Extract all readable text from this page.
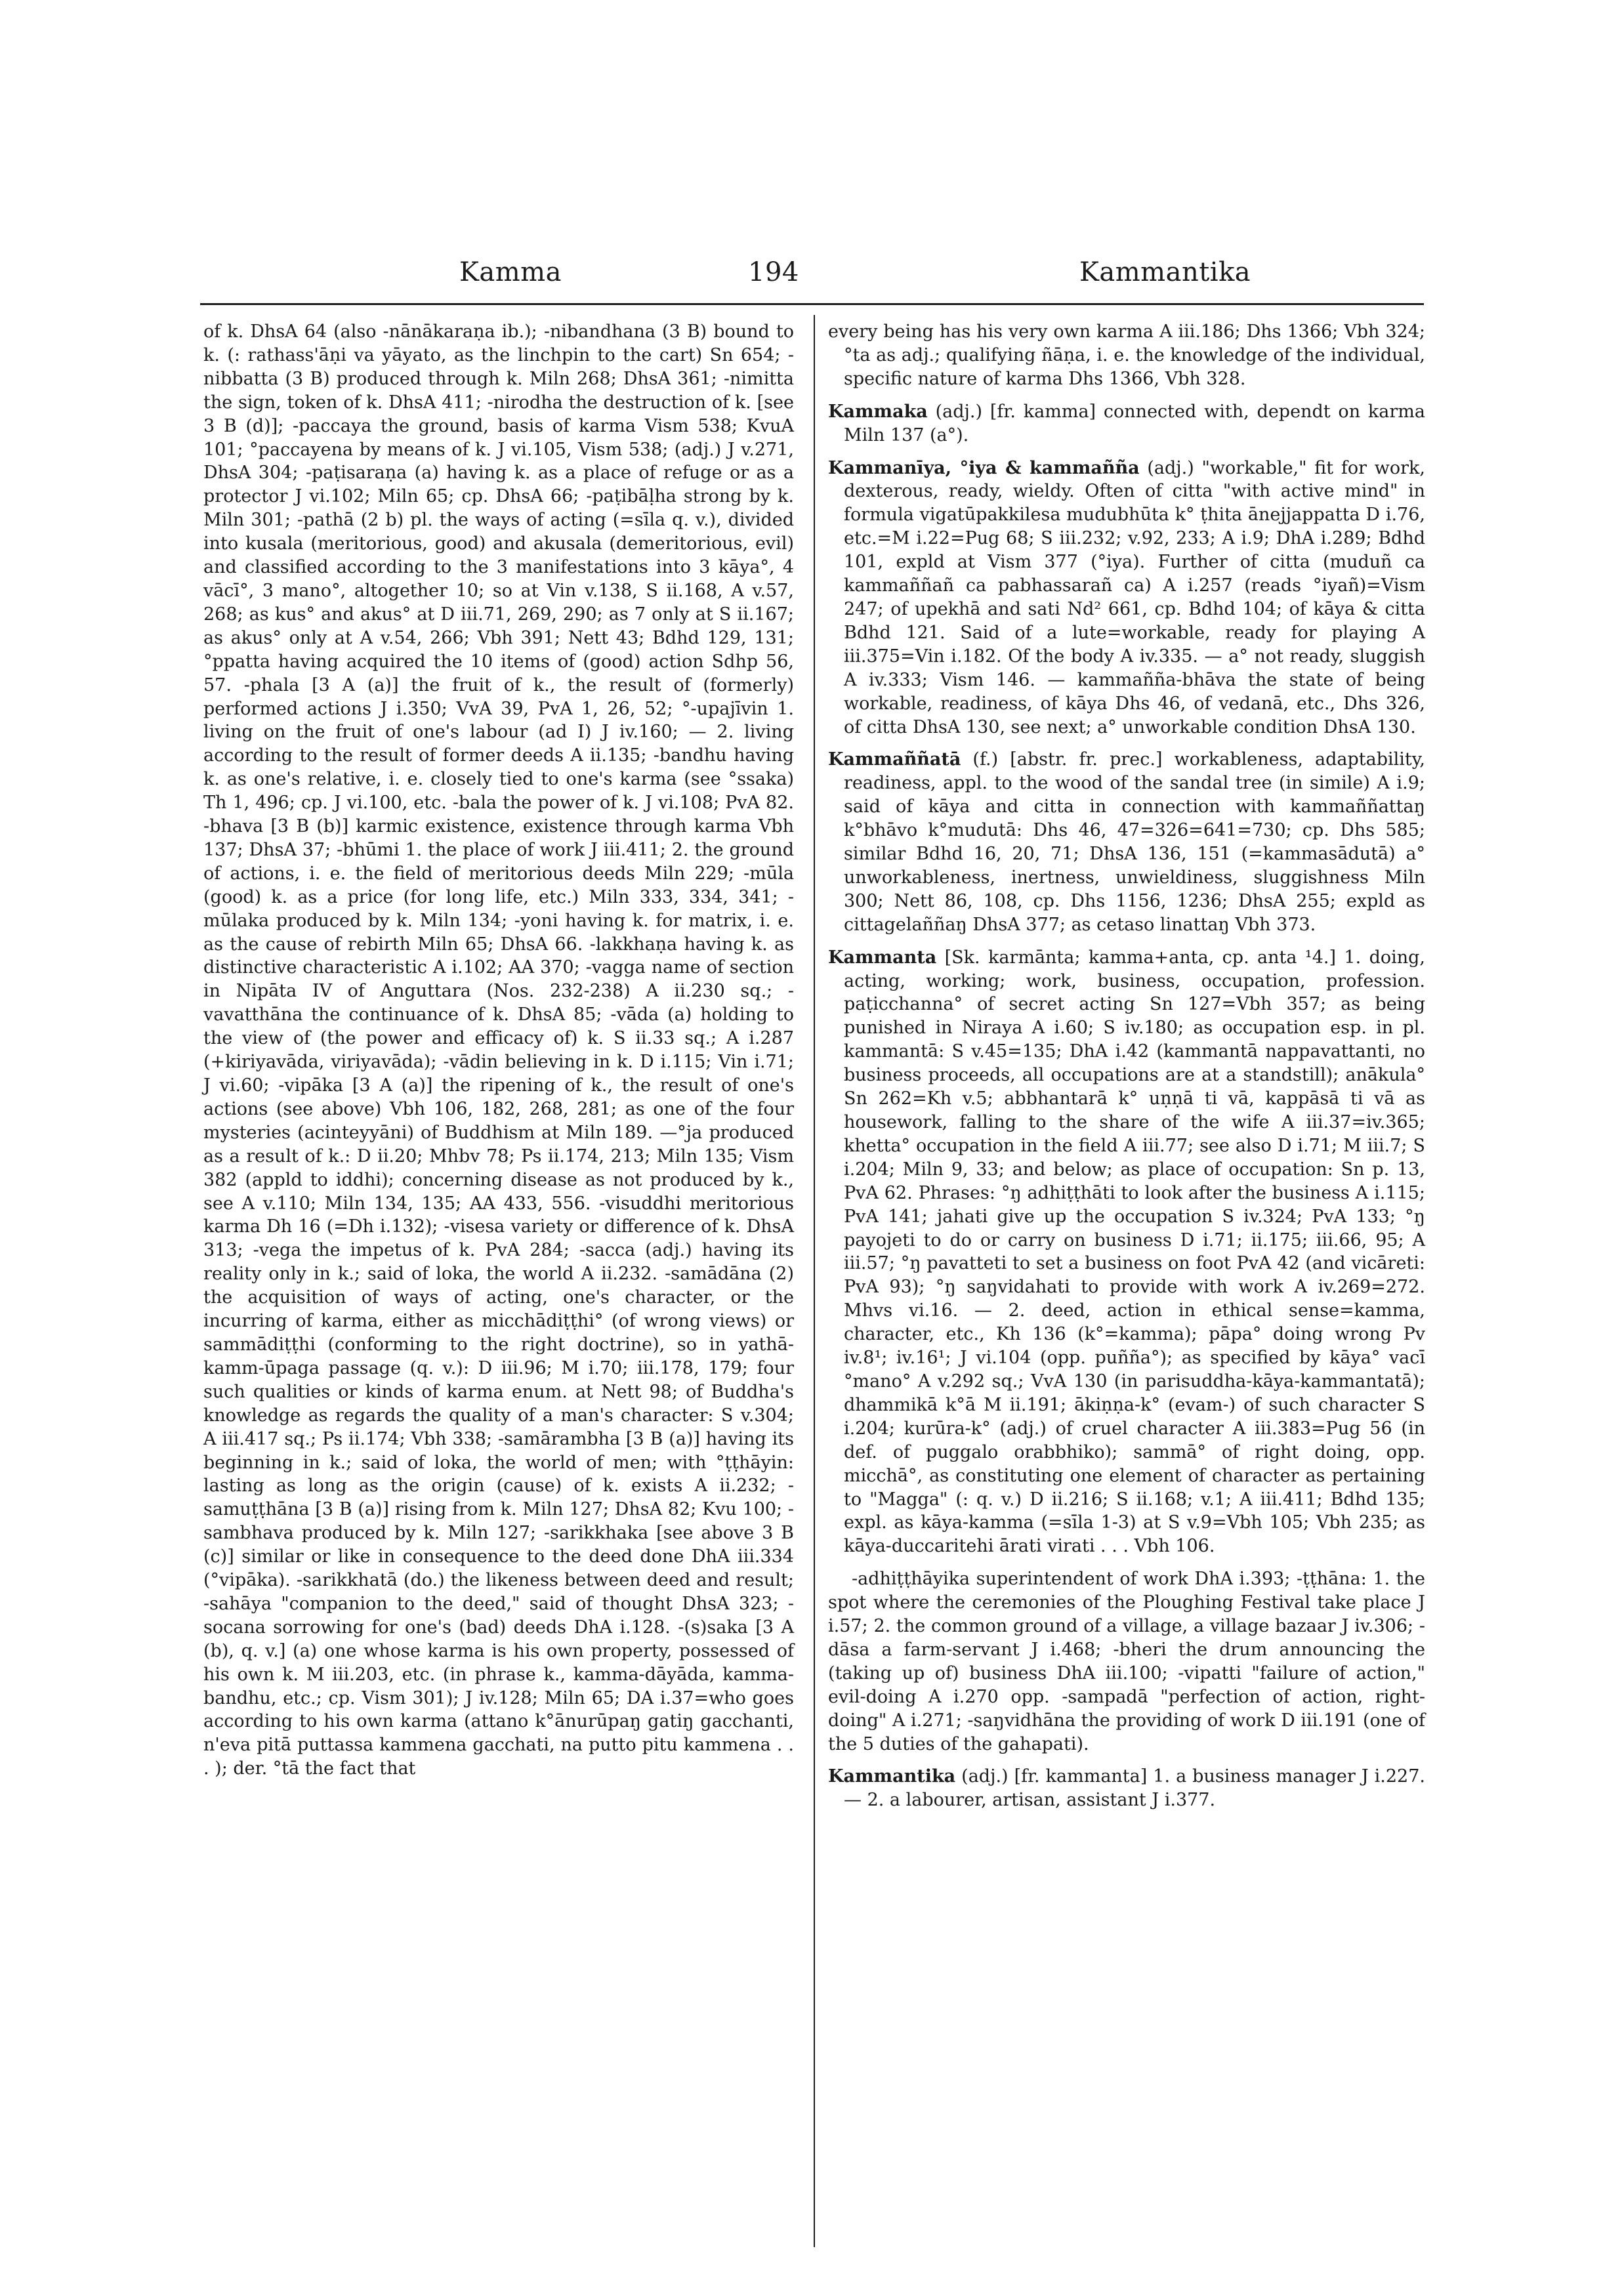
Kamma	194	Kammantika

of k. DhsA 64 (also -nānākaraṇa ib.); -nibandhana (3 B) bound to k. (: rathass'āṇi va yāyato, as the linchpin to the cart) Sn 654; -nibbatta (3 B) produced through k. Miln 268; DhsA 361; -nimitta the sign, token of k. DhsA 411; -nirodha the destruction of k. [see 3 B (d)]; -paccaya the ground, basis of karma Vism 538; KvuA 101; °paccayena by means of k. J vi.105, Vism 538; (adj.) J v.271, DhsA 304; -paṭisaraṇa (a) having k. as a place of refuge or as a protector J vi.102; Miln 65; cp. DhsA 66; -paṭibāḷha strong by k. Miln 301; -pathā (2 b) pl. the ways of acting (=sīla q. v.), divided into kusala (meritorious, good) and akusala (demeritorious, evil) and classified according to the 3 manifestations into 3 kāya°, 4 vācī°, 3 mano°, altogether 10; so at Vin v.138, S ii.168, A v.57, 268; as kus° and akus° at D iii.71, 269, 290; as 7 only at S ii.167; as akus° only at A v.54, 266; Vbh 391; Nett 43; Bdhd 129, 131; °ppatta having acquired the 10 items of (good) action Sdhp 56, 57. -phala [3 A (a)] the fruit of k., the result of (formerly) performed actions J i.350; VvA 39, PvA 1, 26, 52; °-upajīvin 1. living on the fruit of one's labour (ad I) J iv.160; — 2. living according to the result of former deeds A ii.135; -bandhu having k. as one's relative, i. e. closely tied to one's karma (see °ssaka) Th 1, 496; cp. J vi.100, etc. -bala the power of k. J vi.108; PvA 82. -bhava [3 B (b)] karmic existence, existence through karma Vbh 137; DhsA 37; -bhūmi 1. the place of work J iii.411; 2. the ground of actions, i. e. the field of meritorious deeds Miln 229; -mūla (good) k. as a price (for long life, etc.) Miln 333, 334, 341; -mūlaka produced by k. Miln 134; -yoni having k. for matrix, i. e. as the cause of rebirth Miln 65; DhsA 66. -lakkhaṇa having k. as distinctive characteristic A i.102; AA 370; -vagga name of section in Nipāta IV of Anguttara (Nos. 232-238) A ii.230 sq.; -vavatthāna the continuance of k. DhsA 85; -vāda (a) holding to the view of (the power and efficacy of) k. S ii.33 sq.; A i.287 (+kiriyavāda, viriyavāda); -vādin believing in k. D i.115; Vin i.71; J vi.60; -vipāka [3 A (a)] the ripening of k., the result of one's actions (see above) Vbh 106, 182, 268, 281; as one of the four mysteries (acinteyyāni) of Buddhism at Miln 189. —°ja produced as a result of k.: D ii.20; Mhbv 78; Ps ii.174, 213; Miln 135; Vism 382 (appld to iddhi); concerning disease as not produced by k., see A v.110; Miln 134, 135; AA 433, 556. -visuddhi meritorious karma Dh 16 (=Dh i.132); -visesa variety or difference of k. DhsA 313; -vega the impetus of k. PvA 284; -sacca (adj.) having its reality only in k.; said of loka, the world A ii.232. -samādāna (2) the acquisition of ways of acting, one's character, or the incurring of karma, either as micchādiṭṭhi° (of wrong views) or sammādiṭṭhi (conforming to the right doctrine), so in yathā-kamm-ūpaga passage (q. v.): D iii.96; M i.70; iii.178, 179; four such qualities or kinds of karma enum. at Nett 98; of Buddha's knowledge as regards the quality of a man's character: S v.304; A iii.417 sq.; Ps ii.174; Vbh 338; -samārambha [3 B (a)] having its beginning in k.; said of loka, the world of men; with °ṭṭhāyin: lasting as long as the origin (cause) of k. exists A ii.232; -samuṭṭhāna [3 B (a)] rising from k. Miln 127; DhsA 82; Kvu 100; -sambhava produced by k. Miln 127; -sarikkhaka [see above 3 B (c)] similar or like in consequence to the deed done DhA iii.334 (°vipāka). -sarikkhatā (do.) the likeness between deed and result; -sahāya "companion to the deed," said of thought DhsA 323; -socana sorrowing for one's (bad) deeds DhA i.128. -(s)saka [3 A (b), q. v.] (a) one whose karma is his own property, possessed of his own k. M iii.203, etc. (in phrase k., kamma-dāyāda, kamma-bandhu, etc.; cp. Vism 301); J iv.128; Miln 65; DA i.37=who goes according to his own karma (attano k°ānurūpaŋ gatiŋ gacchanti, n'eva pitā puttassa kammena gacchati, na putto pitu kammena . . . ); der. °tā the fact that

every being has his very own karma A iii.186; Dhs 1366; Vbh 324; °ta as adj.; qualifying ñāṇa, i. e. the knowledge of the individual, specific nature of karma Dhs 1366, Vbh 328.

Kammaka (adj.) [fr. kamma] connected with, dependt on karma Miln 137 (a°).

Kammanīya, °iya & kammañña (adj.) "workable," fit for work, dexterous, ready, wieldy. Often of citta "with active mind" in formula vigatūpakkilesa mudubhūta k° ṭhita ānejjappatta D i.76, etc.=M i.22=Pug 68; S iii.232; v.92, 233; A i.9; DhA i.289; Bdhd 101, expld at Vism 377 (°iya). Further of citta (muduñ ca kammaññañ ca pabhassarañ ca) A i.257 (reads °iyañ)=Vism 247; of upekhā and sati Nd² 661, cp. Bdhd 104; of kāya & citta Bdhd 121. Said of a lute=workable, ready for playing A iii.375=Vin i.182. Of the body A iv.335. — a° not ready, sluggish A iv.333; Vism 146. — kammañña-bhāva the state of being workable, readiness, of kāya Dhs 46, of vedanā, etc., Dhs 326, of citta DhsA 130, see next; a° unworkable condition DhsA 130.

Kammaññatā (f.) [abstr. fr. prec.] workableness, adaptability, readiness, appl. to the wood of the sandal tree (in simile) A i.9; said of kāya and citta in connection with kammaññattaŋ k°bhāvo k°mudutā: Dhs 46, 47=326=641=730; cp. Dhs 585; similar Bdhd 16, 20, 71; DhsA 136, 151 (=kammasādutā) a° unworkableness, inertness, unwieldiness, sluggishness Miln 300; Nett 86, 108, cp. Dhs 1156, 1236; DhsA 255; expld as cittagelaññaŋ DhsA 377; as cetaso linattaŋ Vbh 373.

Kammanta [Sk. karmānta; kamma+anta, cp. anta ¹4.] 1. doing, acting, working; work, business, occupation, profession. paṭicchanna° of secret acting Sn 127=Vbh 357; as being punished in Niraya A i.60; S iv.180; as occupation esp. in pl. kammantā: S v.45=135; DhA i.42 (kammantā nappavattanti, no business proceeds, all occupations are at a standstill); anākula° Sn 262=Kh v.5; abbhantarā k° uṇṇā ti vā, kappāsā ti vā as housework, falling to the share of the wife A iii.37=iv.365; khetta° occupation in the field A iii.77; see also D i.71; M iii.7; S i.204; Miln 9, 33; and below; as place of occupation: Sn p. 13, PvA 62. Phrases: °ŋ adhiṭṭhāti to look after the business A i.115; PvA 141; jahati give up the occupation S iv.324; PvA 133; °ŋ payojeti to do or carry on business D i.71; ii.175; iii.66, 95; A iii.57; °ŋ pavatteti to set a business on foot PvA 42 (and vicāreti: PvA 93); °ŋ saŋvidahati to provide with work A iv.269=272. Mhvs vi.16. — 2. deed, action in ethical sense=kamma, character, etc., Kh 136 (k°=kamma); pāpa° doing wrong Pv iv.8¹; iv.16¹; J vi.104 (opp. puñña°); as specified by kāya° vacī °mano° A v.292 sq.; VvA 130 (in parisuddha-kāya-kammantatā); dhammikā k°ā M ii.191; ākiṇṇa-k° (evam-) of such character S i.204; kurūra-k° (adj.) of cruel character A iii.383=Pug 56 (in def. of puggalo orabbhiko); sammā° of right doing, opp. micchā°, as constituting one element of character as pertaining to "Magga" (: q. v.) D ii.216; S ii.168; v.1; A iii.411; Bdhd 135; expl. as kāya-kamma (=sīla 1-3) at S v.9=Vbh 105; Vbh 235; as kāya-duccaritehi ārati virati . . . Vbh 106.

-adhiṭṭhāyika superintendent of work DhA i.393; -ṭṭhāna: 1. the spot where the ceremonies of the Ploughing Festival take place J i.57; 2. the common ground of a village, a village bazaar J iv.306; -dāsa a farm-servant J i.468; -bheri the drum announcing the (taking up of) business DhA iii.100; -vipatti "failure of action," evil-doing A i.270 opp. -sampadā "perfection of action, right-doing" A i.271; -saŋvidhāna the providing of work D iii.191 (one of the 5 duties of the gahapati).

Kammantika (adj.) [fr. kammanta] 1. a business manager J i.227. — 2. a labourer, artisan, assistant J i.377.
